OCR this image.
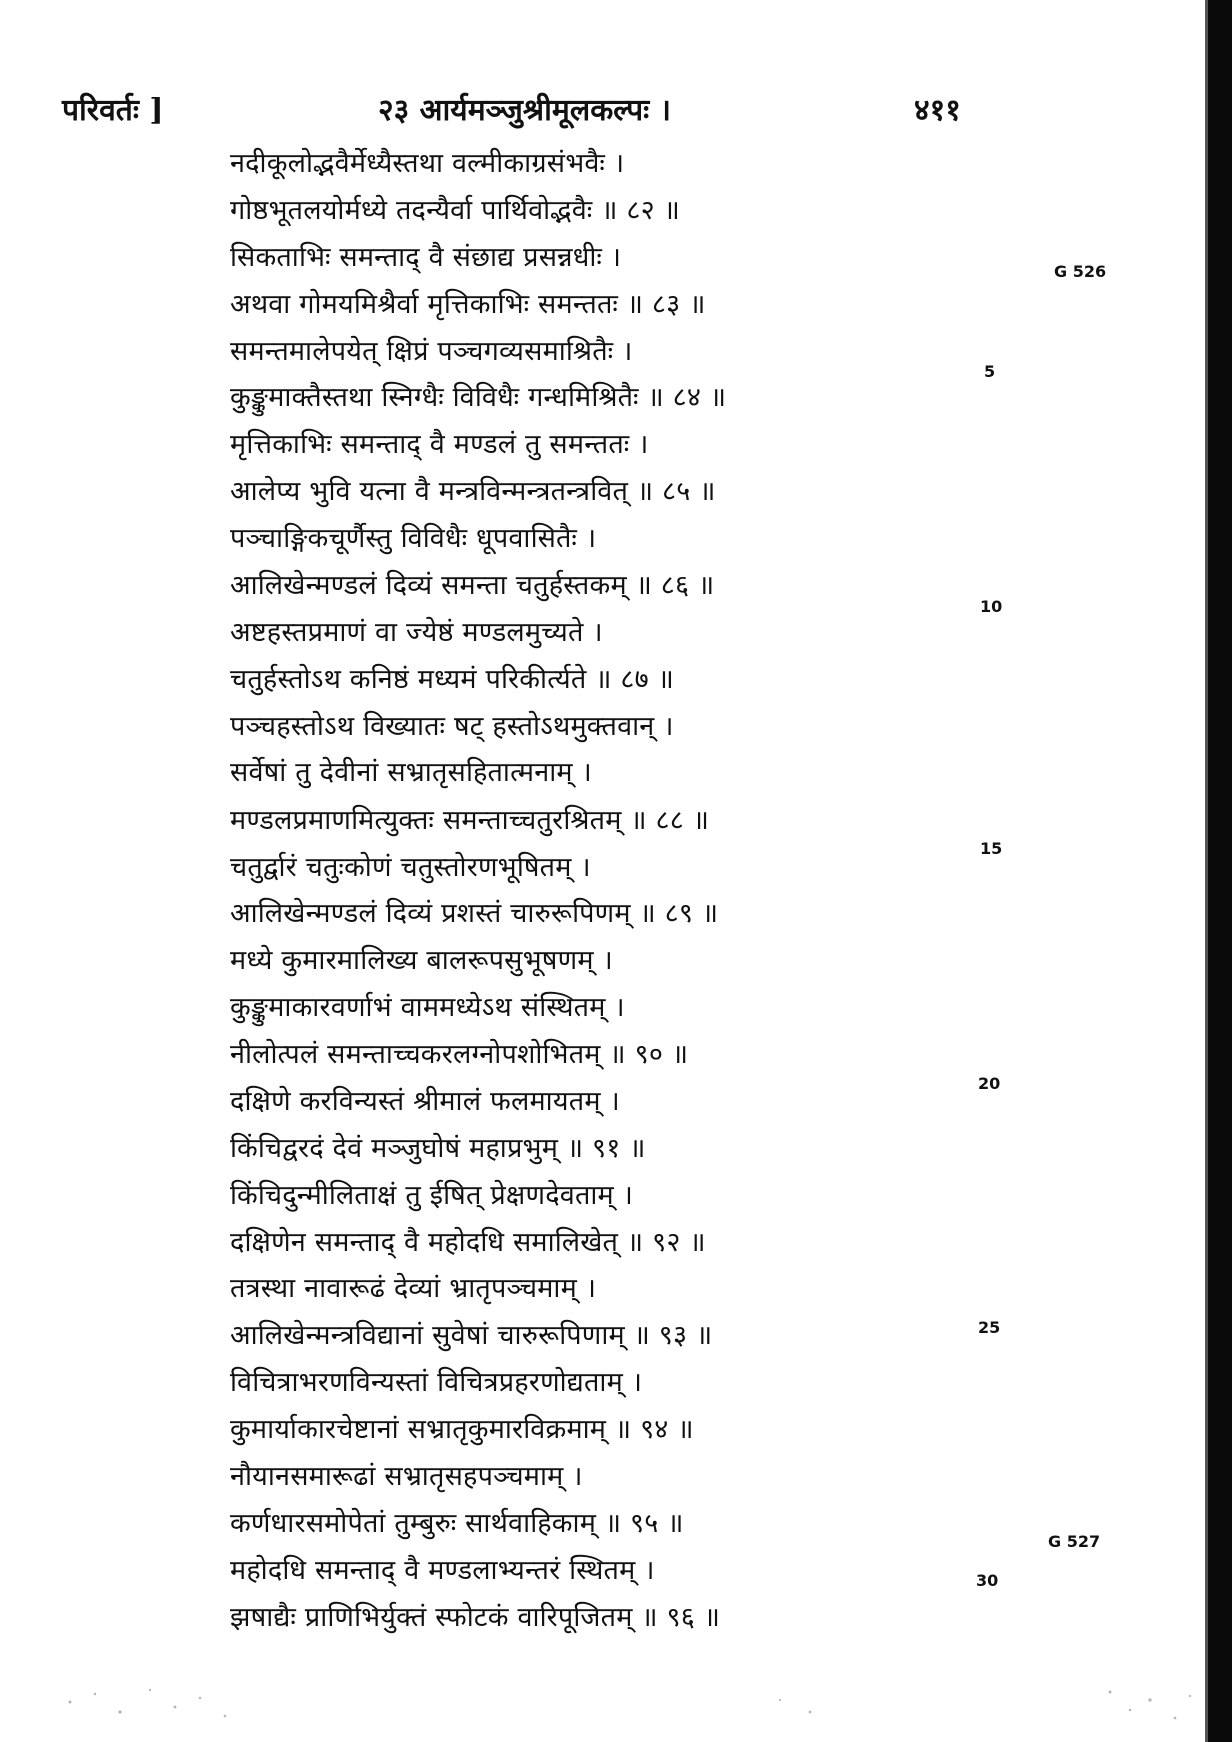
परिवर्तः ]	२३ आर्यमञ्जुश्रीमूलकल्पः ।	४११
नदीकूलोद्भवैर्मेध्यैस्तथा वल्मीकाग्रसंभवैः ।
गोष्ठभूतलयोर्मध्ये तदन्यैर्वा पार्थिवोद्भवैः ॥ ८२ ॥
सिकताभिः समन्ताद् वै संछाद्य प्रसन्नधीः ।
अथवा गोमयमिश्रैर्वा मृत्तिकाभिः समन्ततः ॥ ८३ ॥
समन्तमालेपयेत् क्षिप्रं पञ्चगव्यसमाश्रितैः ।
कुङ्कुमाक्तैस्तथा स्निग्धैः विविधैः गन्धमिश्रितैः ॥ ८४ ॥
मृत्तिकाभिः समन्ताद् वै मण्डलं तु समन्ततः ।
आलेप्य भुवि यत्ना वै मन्त्रविन्मन्त्रतन्त्रवित् ॥ ८५ ॥
पञ्चाङ्गिकचूर्णैस्तु विविधैः धूपवासितैः ।
आलिखेन्मण्डलं दिव्यं समन्ता चतुर्हस्तकम् ॥ ८६ ॥
अष्टहस्तप्रमाणं वा ज्येष्ठं मण्डलमुच्यते ।
चतुर्हस्तोऽथ कनिष्ठं मध्यमं परिकीर्त्यते ॥ ८७ ॥
पञ्चहस्तोऽथ विख्यातः षट् हस्तोऽथमुक्तवान् ।
सर्वेषां तु देवीनां सभ्रातृसहितात्मनाम् ।
मण्डलप्रमाणमित्युक्तः समन्ताच्चतुरश्रितम् ॥ ८८ ॥
चतुर्द्वारं चतुःकोणं चतुस्तोरणभूषितम् ।
आलिखेन्मण्डलं दिव्यं प्रशस्तं चारुरूपिणम् ॥ ८९ ॥
मध्ये कुमारमालिख्य बालरूपसुभूषणम् ।
कुङ्कुमाकारवर्णाभं वाममध्येऽथ संस्थितम् ।
नीलोत्पलं समन्ताच्चकरलग्नोपशोभितम् ॥ ९० ॥
दक्षिणे करविन्यस्तं श्रीमालं फलमायतम् ।
किंचिद्वरदं देवं मञ्जुघोषं महाप्रभुम् ॥ ९१ ॥
किंचिदुन्मीलिताक्षं तु ईषित् प्रेक्षणदेवताम् ।
दक्षिणेन समन्ताद् वै महोदधि समालिखेत् ॥ ९२ ॥
तत्रस्था नावारूढं देव्यां भ्रातृपञ्चमाम् ।
आलिखेन्मन्त्रविद्यानां सुवेषां चारुरूपिणाम् ॥ ९३ ॥
विचित्राभरणविन्यस्तां विचित्रप्रहरणोद्यताम् ।
कुमार्याकारचेष्टानां सभ्रातृकुमारविक्रमाम् ॥ ९४ ॥
नौयानसमारूढां सभ्रातृसहपञ्चमाम् ।
कर्णधारसमोपेतां तुम्बुरुः सार्थवाहिकाम् ॥ ९५ ॥
महोदधि समन्ताद् वै मण्डलाभ्यन्तरं स्थितम् ।
झषाद्यैः प्राणिभिर्युक्तं स्फोटकं वारिपूजितम् ॥ ९६ ॥
5
10
15
20
25
30
G 526
G 527
